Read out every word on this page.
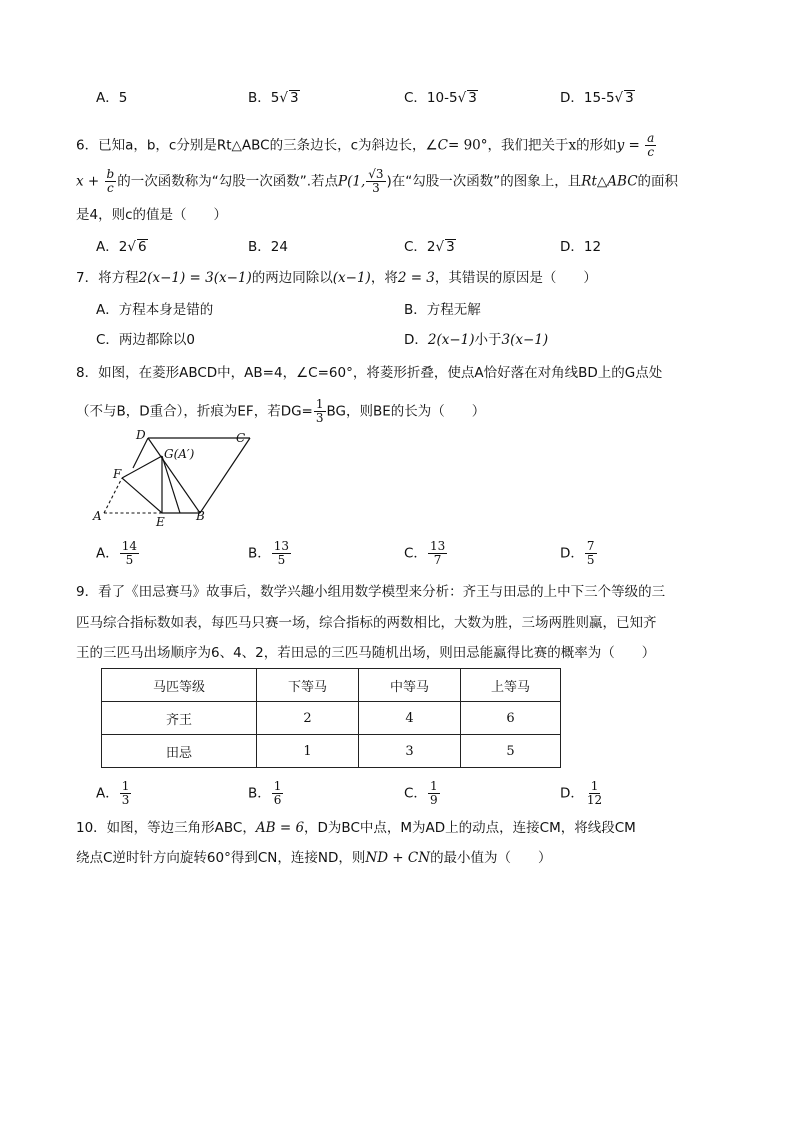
A．5	B．5√ 3	C．10-5√ 3	D．15-5√ 3
6．已知a，b，c分别是Rt△ABC的三条边长，c为斜边长，∠C= 90°，我们把关于x的形如$y = \frac{a}{c}$
$x + \frac{b}{c}$ 的一次函数称为“勾股一次函数”.若点P(1, $\frac{√3}{3}$ )在“勾股一次函数”的图象上，且Rt△ABC的面积
是4，则c的值是（　　）
A．2√ 6	B．24	C．2√ 3	D．12
7．将方程2(x−1) = 3(x−1)的两边同除以(x−1)，将2 = 3，其错误的原因是（　　）
A．方程本身是错的	B．方程无解
C．两边都除以0	D．2(x−1)小于3(x−1)
8．如图，在菱形ABCD中，AB=4，∠C=60°，将菱形折叠，使点A恰好落在对角线BD上的G点处
（不与B，D重合），折痕为EF，若$DG= \frac{1}{3}$ BG，则BE的长为（　　）
D	C
G(A′)
F
A	E	B
A． $\frac{14}{5}$	B． $\frac{13}{5}$	C． $\frac{13}{7}$	D． $\frac{7}{5}$
9．看了《田忌赛马》故事后，数学兴趣小组用数学模型来分析：齐王与田忌的上中下三个等级的三
匹马综合指标数如表，每匹马只赛一场，综合指标的两数相比，大数为胜，三场两胜则赢，已知齐
王的三匹马出场顺序为6、4、2，若田忌的三匹马随机出场，则田忌能赢得比赛的概率为（　　）
马匹等级	下等马	中等马	上等马
齐王	2	4	6
田忌	1	3	5
A． $\frac{1}{3}$	B． $\frac{1}{6}$	C． $\frac{1}{9}$	D． $\frac{1}{12}$
10．如图，等边三角形ABC，AB = 6，D为BC中点，M为AD上的动点，连接CM，将线段CM
绕点C逆时针方向旋转60°得到CN，连接ND，则ND + CN的最小值为（　　）
